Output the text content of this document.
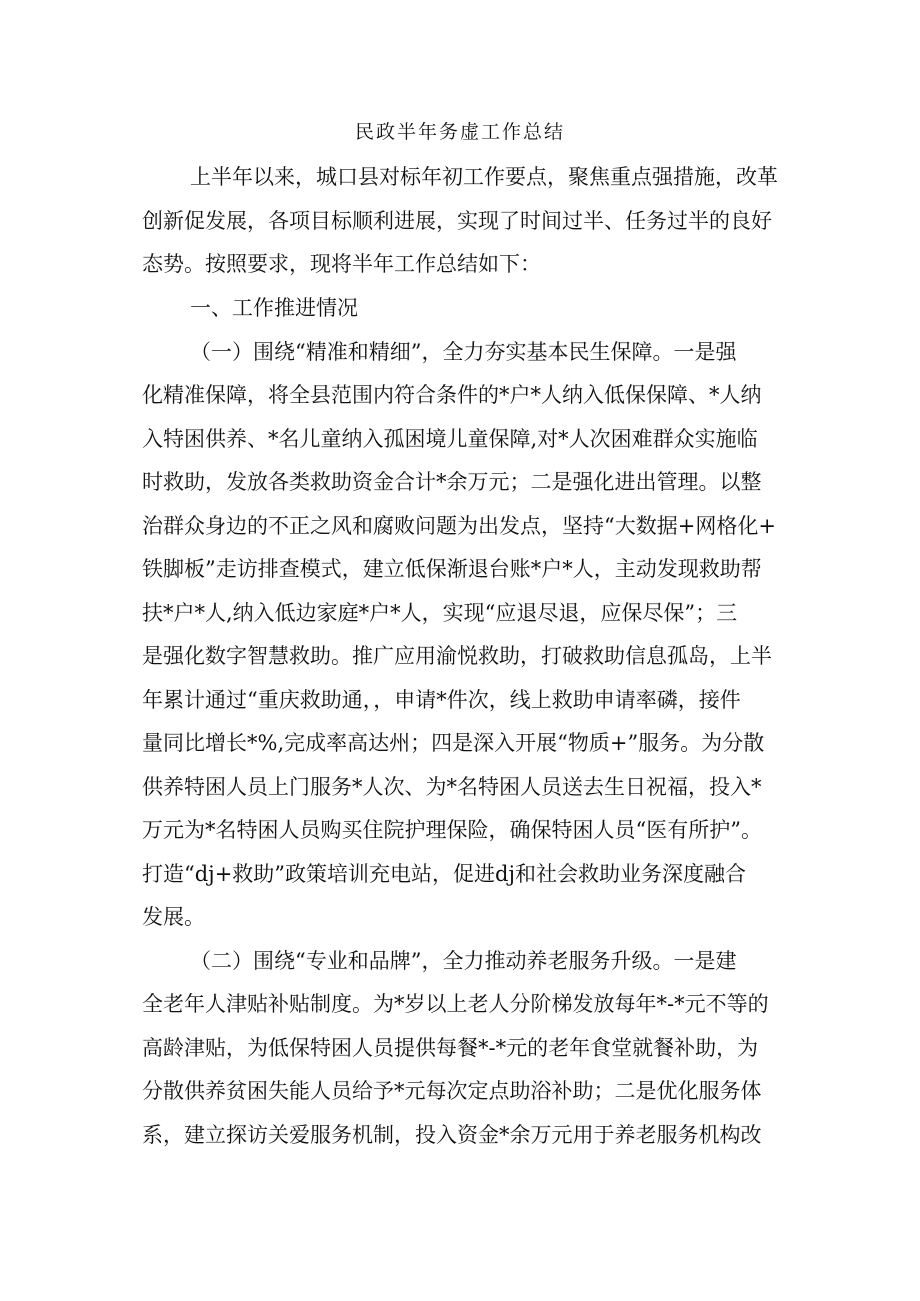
民政半年务虚工作总结
上半年以来，城口县对标年初工作要点，聚焦重点强措施，改革
创新促发展，各项目标顺利进展，实现了时间过半、任务过半的良好
态势。按照要求，现将半年工作总结如下：
一、工作推进情况
（一）围绕“精准和精细”，全力夯实基本民生保障。一是强
化精准保障，将全县范围内符合条件的*户*人纳入低保保障、*人纳
入特困供养、*名儿童纳入孤困境儿童保障,对*人次困难群众实施临
时救助，发放各类救助资金合计*余万元；二是强化进出管理。以整
治群众身边的不正之风和腐败问题为出发点，坚持“大数据+网格化+
铁脚板”走访排查模式，建立低保渐退台账*户*人，主动发现救助帮
扶*户*人,纳入低边家庭*户*人，实现“应退尽退，应保尽保”；三
是强化数字智慧救助。推广应用渝悦救助，打破救助信息孤岛，上半
年累计通过“重庆救助通，，申请*件次，线上救助申请率磷，接件
量同比增长*%,完成率高达州；四是深入开展“物质+”服务。为分散
供养特困人员上门服务*人次、为*名特困人员送去生日祝福，投入*
万元为*名特困人员购买住院护理保险，确保特困人员“医有所护”。
打造“dj+救助”政策培训充电站，促进dj和社会救助业务深度融合
发展。
（二）围绕“专业和品牌”，全力推动养老服务升级。一是建
全老年人津贴补贴制度。为*岁以上老人分阶梯发放每年*-*元不等的
高龄津贴，为低保特困人员提供每餐*-*元的老年食堂就餐补助，为
分散供养贫困失能人员给予*元每次定点助浴补助；二是优化服务体
系，建立探访关爱服务机制，投入资金*余万元用于养老服务机构改
